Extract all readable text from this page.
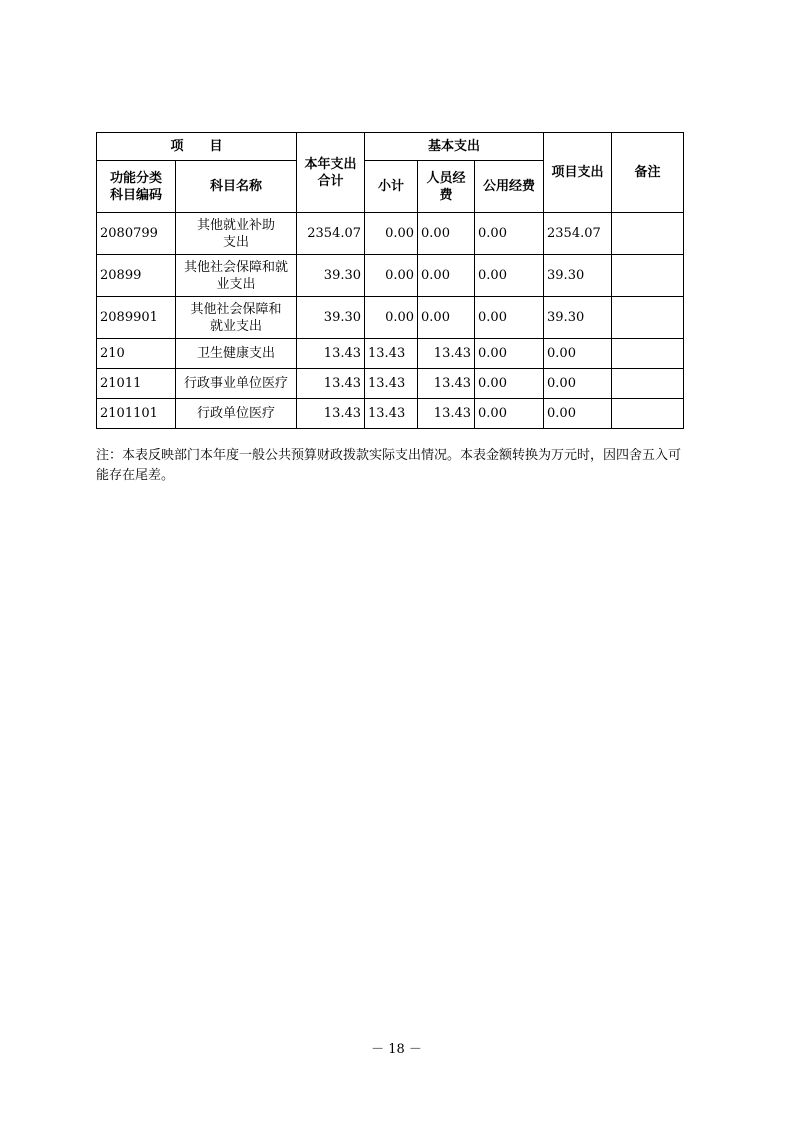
项　　目		本年支出合计	基本支出			项目支出	备注
功能分类科目编码	科目名称		小计	人员经费	公用经费		
2080799	其他就业补助支出	2354.07	0.00	0.00	0.00	2354.07	
20899	其他社会保障和就业支出	39.30	0.00	0.00	0.00	39.30	
2089901	其他社会保障和就业支出	39.30	0.00	0.00	0.00	39.30	
210	卫生健康支出	13.43	13.43	13.43	0.00	0.00	
21011	行政事业单位医疗	13.43	13.43	13.43	0.00	0.00	
2101101	行政单位医疗	13.43	13.43	13.43	0.00	0.00	

注：本表反映部门本年度一般公共预算财政拨款实际支出情况。本表金额转换为万元时，因四舍五入可能存在尾差。

－ 18 －
